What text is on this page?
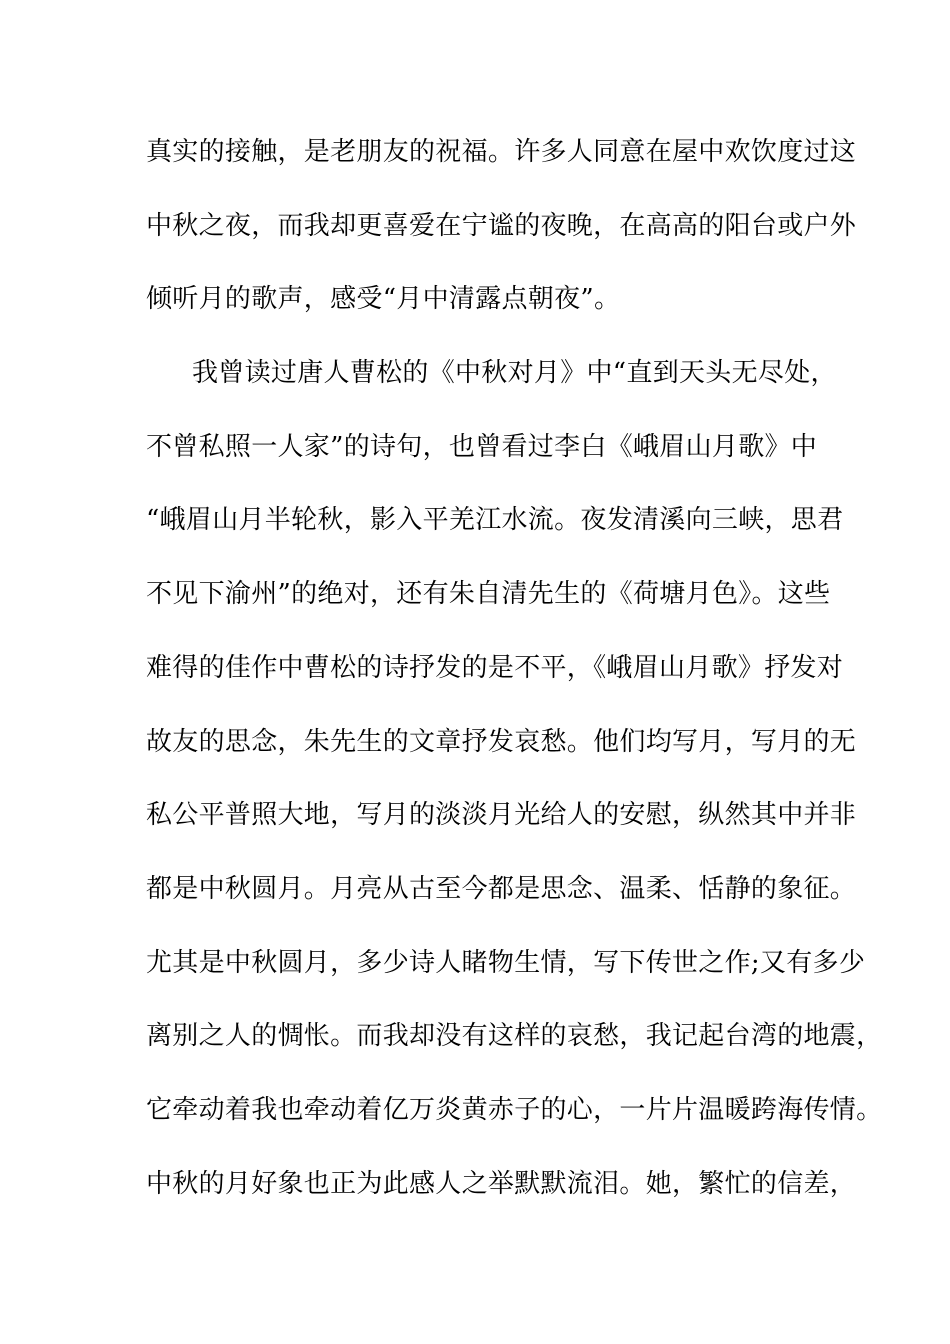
真实的接触，是老朋友的祝福。许多人同意在屋中欢饮度过这

中秋之夜，而我却更喜爱在宁谧的夜晚，在高高的阳台或户外

倾听月的歌声，感受“月中清露点朝夜”。

我曾读过唐人曹松的《中秋对月》中“直到天头无尽处，

不曾私照一人家”的诗句，也曾看过李白《峨眉山月歌》中

“峨眉山月半轮秋，影入平羌江水流。夜发清溪向三峡，思君

不见下渝州”的绝对，还有朱自清先生的《荷塘月色》。这些

难得的佳作中曹松的诗抒发的是不平，《峨眉山月歌》抒发对

故友的思念，朱先生的文章抒发哀愁。他们均写月，写月的无

私公平普照大地，写月的淡淡月光给人的安慰，纵然其中并非

都是中秋圆月。月亮从古至今都是思念、温柔、恬静的象征。

尤其是中秋圆月，多少诗人睹物生情，写下传世之作;又有多少

离别之人的惆怅。而我却没有这样的哀愁，我记起台湾的地震，

它牵动着我也牵动着亿万炎黄赤子的心，一片片温暖跨海传情。

中秋的月好象也正为此感人之举默默流泪。她，繁忙的信差，
